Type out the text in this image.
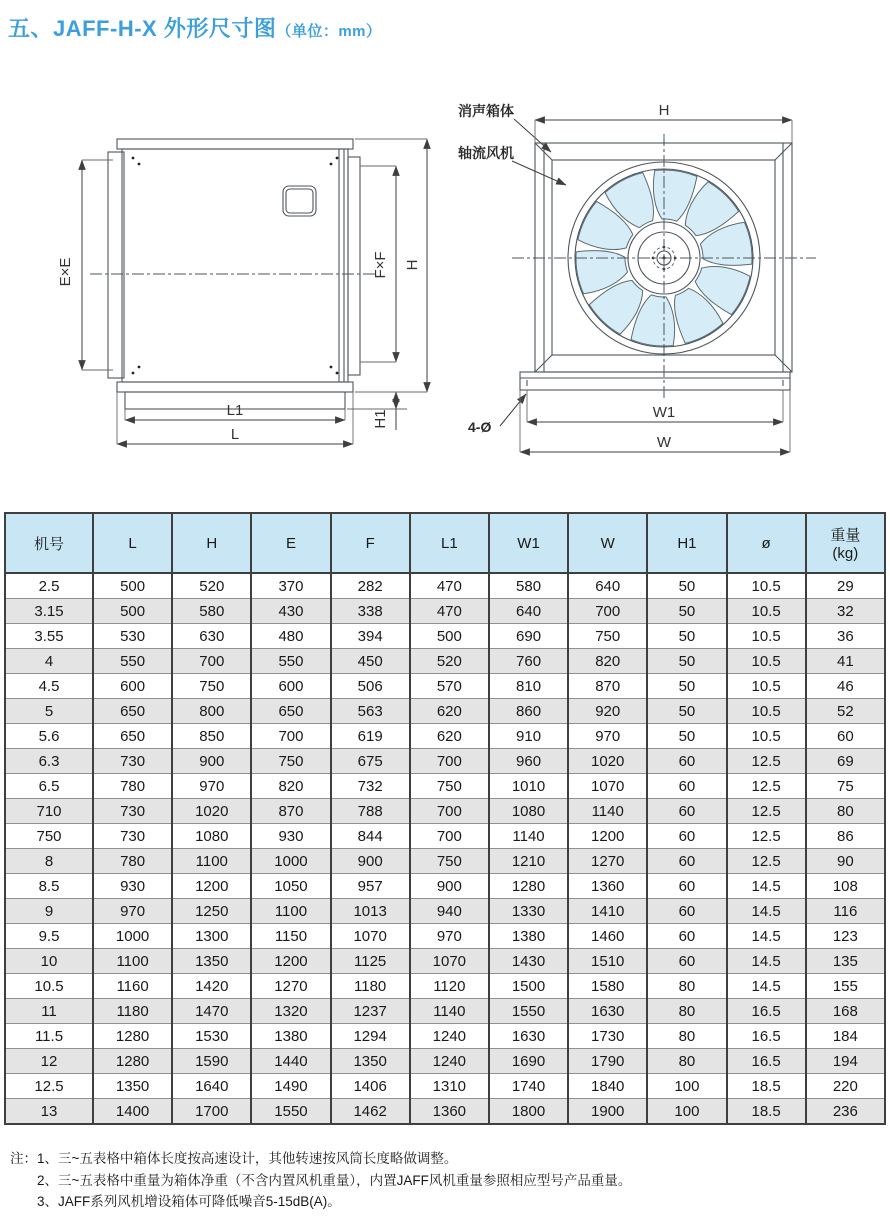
五、JAFF-H-X 外形尺寸图（单位：mm）
E×E	F×F H
H1
L1
L
消声箱体
轴流风机
4-Ø
H
W1
W
机号	L	H	E	F	L1	W1	W	H1	ø	重量
(kg)

2.5	500	520	370	282	470	580	640	50	10.5	29
3.15	500	580	430	338	470	640	700	50	10.5	32
3.55	530	630	480	394	500	690	750	50	10.5	36
4	550	700	550	450	520	760	820	50	10.5	41
4.5	600	750	600	506	570	810	870	50	10.5	46
5	650	800	650	563	620	860	920	50	10.5	52
5.6	650	850	700	619	620	910	970	50	10.5	60
6.3	730	900	750	675	700	960	1020	60	12.5	69
6.5	780	970	820	732	750	1010	1070	60	12.5	75
710	730	1020	870	788	700	1080	1140	60	12.5	80
750	730	1080	930	844	700	1140	1200	60	12.5	86
8	780	1100	1000	900	750	1210	1270	60	12.5	90
8.5	930	1200	1050	957	900	1280	1360	60	14.5	108
9	970	1250	1100	1013	940	1330	1410	60	14.5	116
9.5	1000	1300	1150	1070	970	1380	1460	60	14.5	123
10	1100	1350	1200	1125	1070	1430	1510	60	14.5	135
10.5	1160	1420	1270	1180	1120	1500	1580	80	14.5	155
11	1180	1470	1320	1237	1140	1550	1630	80	16.5	168
11.5	1280	1530	1380	1294	1240	1630	1730	80	16.5	184
12	1280	1590	1440	1350	1240	1690	1790	80	16.5	194
12.5	1350	1640	1490	1406	1310	1740	1840	100	18.5	220
13	1400	1700	1550	1462	1360	1800	1900	100	18.5	236
注： 1、三~五表格中箱体长度按高速设计，其他转速按风筒长度略做调整。
2、三~五表格中重量为箱体净重（不含内置风机重量），内置JAFF风机重量参照相应型号产品重量。
3、JAFF系列风机增设箱体可降低噪音5-15dB(A)。
